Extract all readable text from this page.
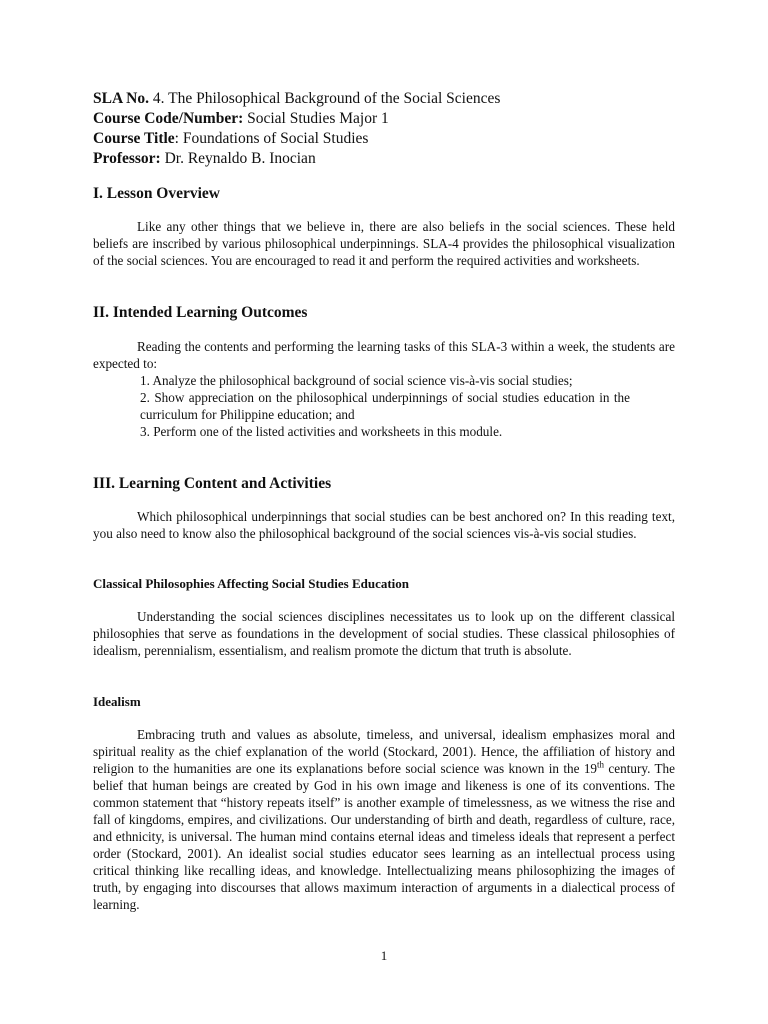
SLA No. 4. The Philosophical Background of the Social Sciences
Course Code/Number: Social Studies Major 1
Course Title: Foundations of Social Studies
Professor: Dr. Reynaldo B. Inocian
I. Lesson Overview
Like any other things that we believe in, there are also beliefs in the social sciences. These held beliefs are inscribed by various philosophical underpinnings. SLA-4 provides the philosophical visualization of the social sciences. You are encouraged to read it and perform the required activities and worksheets.
II. Intended Learning Outcomes
Reading the contents and performing the learning tasks of this SLA-3 within a week, the students are expected to:
1. Analyze the philosophical background of social science vis-à-vis social studies;
2. Show appreciation on the philosophical underpinnings of social studies education in the curriculum for Philippine education; and
3. Perform one of the listed activities and worksheets in this module.
III. Learning Content and Activities
Which philosophical underpinnings that social studies can be best anchored on? In this reading text, you also need to know also the philosophical background of the social sciences vis-à-vis social studies.
Classical Philosophies Affecting Social Studies Education
Understanding the social sciences disciplines necessitates us to look up on the different classical philosophies that serve as foundations in the development of social studies. These classical philosophies of idealism, perennialism, essentialism, and realism promote the dictum that truth is absolute.
Idealism
Embracing truth and values as absolute, timeless, and universal, idealism emphasizes moral and spiritual reality as the chief explanation of the world (Stockard, 2001). Hence, the affiliation of history and religion to the humanities are one its explanations before social science was known in the 19th century. The belief that human beings are created by God in his own image and likeness is one of its conventions. The common statement that “history repeats itself” is another example of timelessness, as we witness the rise and fall of kingdoms, empires, and civilizations. Our understanding of birth and death, regardless of culture, race, and ethnicity, is universal. The human mind contains eternal ideas and timeless ideals that represent a perfect order (Stockard, 2001). An idealist social studies educator sees learning as an intellectual process using critical thinking like recalling ideas, and knowledge. Intellectualizing means philosophizing the images of truth, by engaging into discourses that allows maximum interaction of arguments in a dialectical process of learning.
1
